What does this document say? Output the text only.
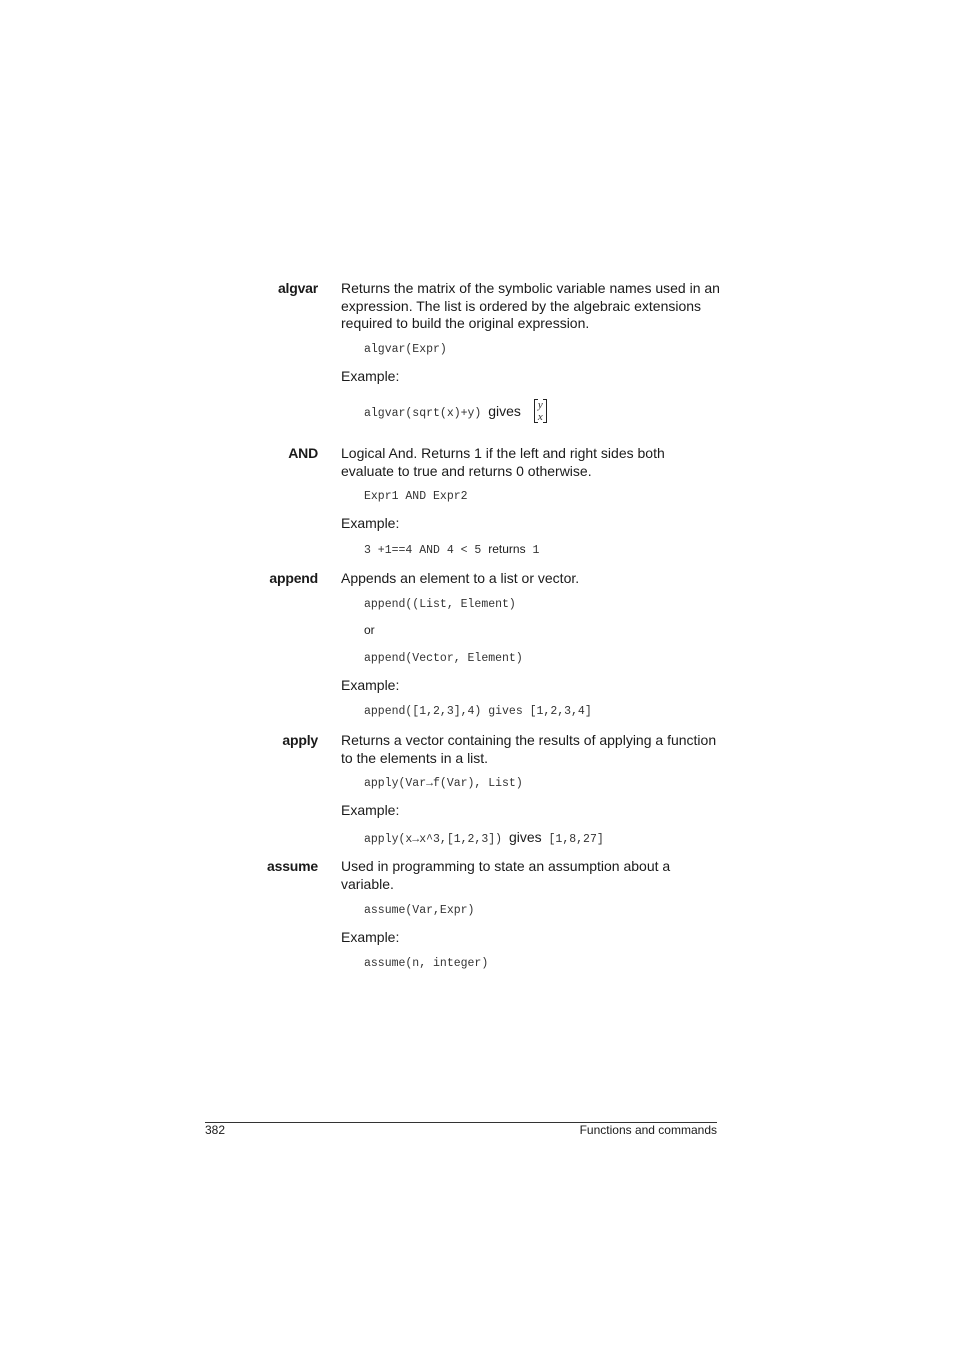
algvar Returns the matrix of the symbolic variable names used in an expression. The list is ordered by the algebraic extensions required to build the original expression.
algvar(Expr)
Example:
algvar(sqrt(x)+y) gives y
x
AND Logical And. Returns 1 if the left and right sides both evaluate to true and returns 0 otherwise.
Expr1 AND Expr2
Example:
3 +1==4 AND 4 < 5 returns 1
append Appends an element to a list or vector.
append((List, Element)
or
append(Vector, Element)
Example:
append([1,2,3],4) gives [1,2,3,4]
apply Returns a vector containing the results of applying a function to the elements in a list.
apply(Var→f(Var), List)
Example:
apply(x→x^3,[1,2,3]) gives [1,8,27]
assume Used in programming to state an assumption about a variable.
assume(Var,Expr)
Example:
assume(n, integer)
382	Functions and commands
